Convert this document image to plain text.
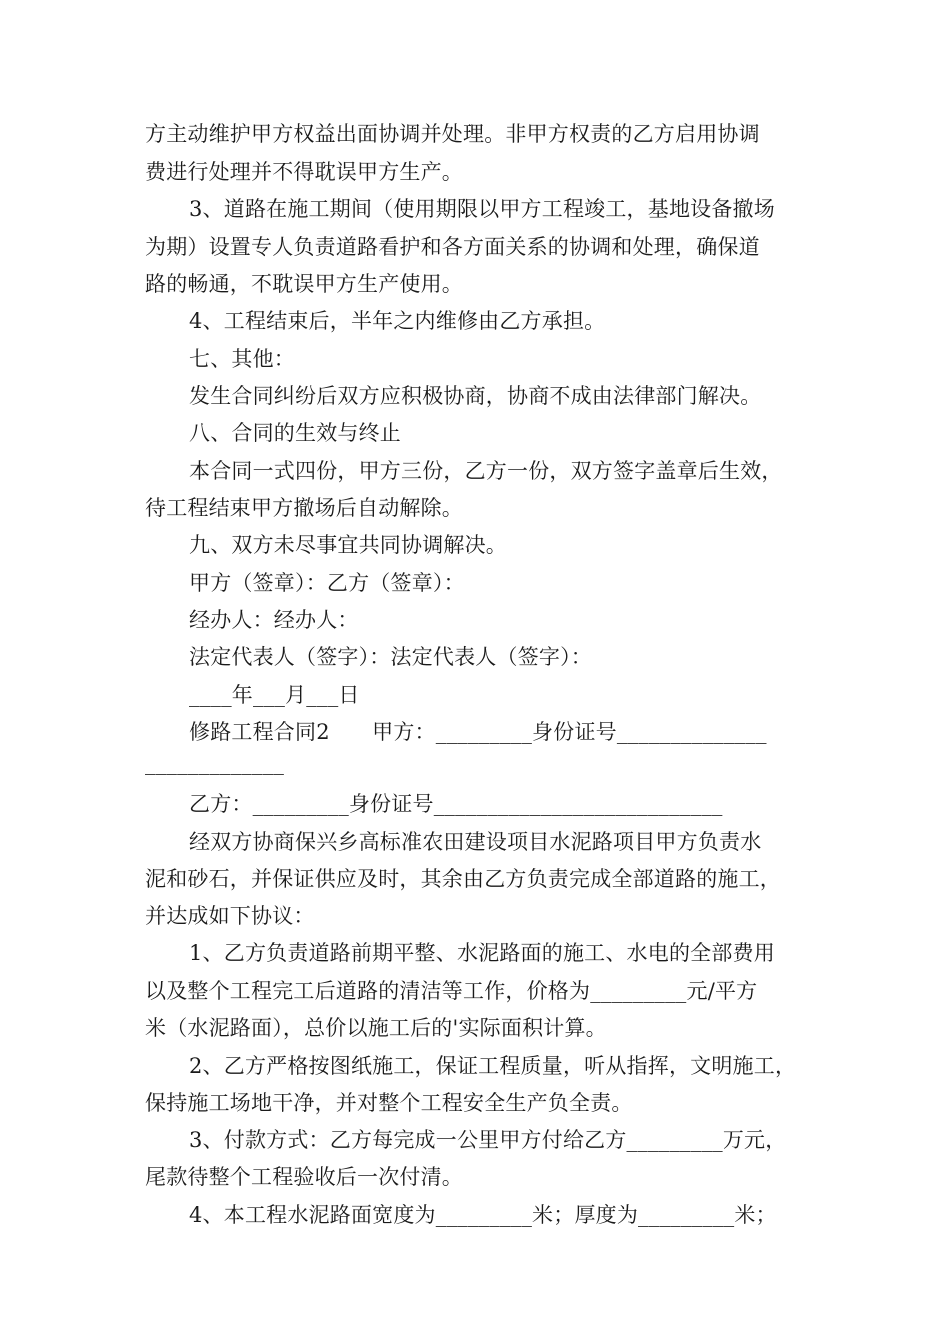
方主动维护甲方权益出面协调并处理。非甲方权责的乙方启用协调
费进行处理并不得耽误甲方生产。
3、道路在施工期间（使用期限以甲方工程竣工，基地设备撤场
为期）设置专人负责道路看护和各方面关系的协调和处理，确保道
路的畅通，不耽误甲方生产使用。
4、工程结束后，半年之内维修由乙方承担。
七、其他：
发生合同纠纷后双方应积极协商，协商不成由法律部门解决。
八、合同的生效与终止
本合同一式四份，甲方三份，乙方一份，双方签字盖章后生效，
待工程结束甲方撤场后自动解除。
九、双方未尽事宜共同协调解决。
甲方（签章）：乙方（签章）：
经办人：经办人：
法定代表人（签字）：法定代表人（签字）：
____年___月___日
修路工程合同2　　甲方：_________身份证号______________
_____________
乙方：_________身份证号___________________________
经双方协商保兴乡高标准农田建设项目水泥路项目甲方负责水
泥和砂石，并保证供应及时，其余由乙方负责完成全部道路的施工，
并达成如下协议：
1、乙方负责道路前期平整、水泥路面的施工、水电的全部费用
以及整个工程完工后道路的清洁等工作，价格为_________元/平方
米（水泥路面），总价以施工后的'实际面积计算。
2、乙方严格按图纸施工，保证工程质量，听从指挥，文明施工，
保持施工场地干净，并对整个工程安全生产负全责。
3、付款方式：乙方每完成一公里甲方付给乙方_________万元，
尾款待整个工程验收后一次付清。
4、本工程水泥路面宽度为_________米；厚度为_________米；
